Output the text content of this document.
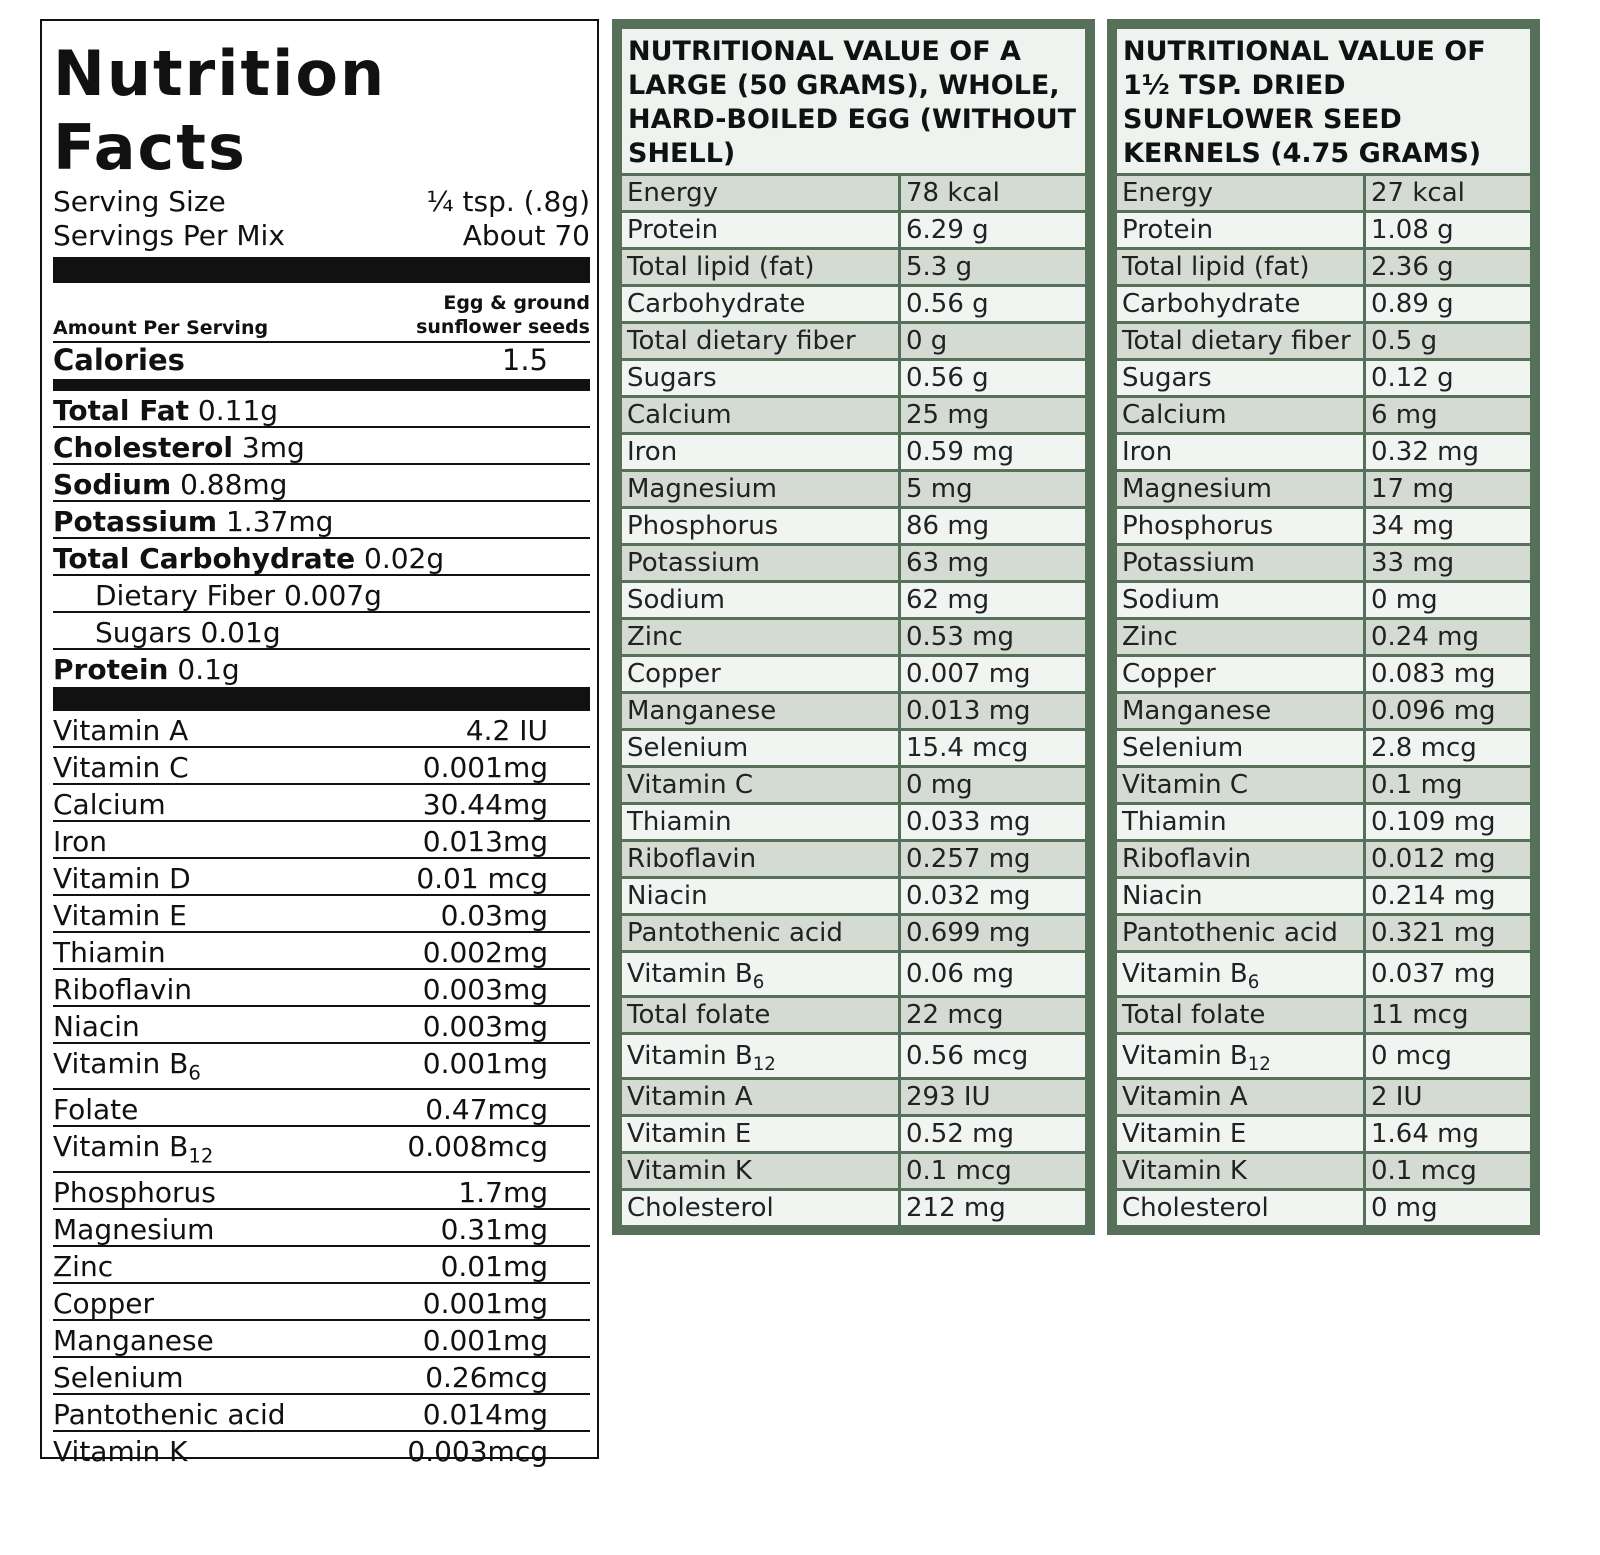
Nutrition Facts
Serving Size	¼ tsp. (.8g)
Servings Per Mix	About 70
Amount Per Serving
Egg & ground
sunflower seeds
Calories	1.5
Total Fat 0.11g
Cholesterol 3mg
Sodium 0.88mg
Potassium 1.37mg
Total Carbohydrate 0.02g
Dietary Fiber 0.007g
Sugars 0.01g
Protein 0.1g
Vitamin A	4.2 IU
Vitamin C	0.001mg
Calcium	30.44mg
Iron	0.013mg
Vitamin D	0.01 mcg
Vitamin E	0.03mg
Thiamin	0.002mg
Riboflavin	0.003mg
Niacin	0.003mg
Vitamin $B_6$	0.001mg
Folate	0.47mcg
Vitamin $B_{12}$	0.008mcg
Phosphorus	1.7mg
Magnesium	0.31mg
Zinc	0.01mg
Copper	0.001mg
Manganese	0.001mg
Selenium	0.26mcg
Pantothenic acid	0.014mg
Vitamin K	0.003mcg
NUTRITIONAL VALUE OF A LARGE (50 GRAMS), WHOLE, HARD-BOILED EGG (WITHOUT SHELL)	
Energy	78 kcal
Protein	6.29 g
Total lipid (fat)	5.3 g
Carbohydrate	0.56 g
Total dietary fiber	0 g
Sugars	0.56 g
Calcium	25 mg
Iron	0.59 mg
Magnesium	5 mg
Phosphorus	86 mg
Potassium	63 mg
Sodium	62 mg
Zinc	0.53 mg
Copper	0.007 mg
Manganese	0.013 mg
Selenium	15.4 mcg
Vitamin C	0 mg
Thiamin	0.033 mg
Riboflavin	0.257 mg
Niacin	0.032 mg
Pantothenic acid	0.699 mg
Vitamin $B_6$	0.06 mg
Total folate	22 mcg
Vitamin $B_{12}$	0.56 mcg
Vitamin A	293 IU
Vitamin E	0.52 mg
Vitamin K	0.1 mcg
Cholesterol	212 mg
NUTRITIONAL VALUE OF 1½ TSP. DRIED SUNFLOWER SEED KERNELS (4.75 GRAMS)	
Energy	27 kcal
Protein	1.08 g
Total lipid (fat)	2.36 g
Carbohydrate	0.89 g
Total dietary fiber	0.5 g
Sugars	0.12 g
Calcium	6 mg
Iron	0.32 mg
Magnesium	17 mg
Phosphorus	34 mg
Potassium	33 mg
Sodium	0 mg
Zinc	0.24 mg
Copper	0.083 mg
Manganese	0.096 mg
Selenium	2.8 mcg
Vitamin C	0.1 mg
Thiamin	0.109 mg
Riboflavin	0.012 mg
Niacin	0.214 mg
Pantothenic acid	0.321 mg
Vitamin $B_6$	0.037 mg
Total folate	11 mcg
Vitamin $B_{12}$	0 mcg
Vitamin A	2 IU
Vitamin E	1.64 mg
Vitamin K	0.1 mcg
Cholesterol	0 mg
